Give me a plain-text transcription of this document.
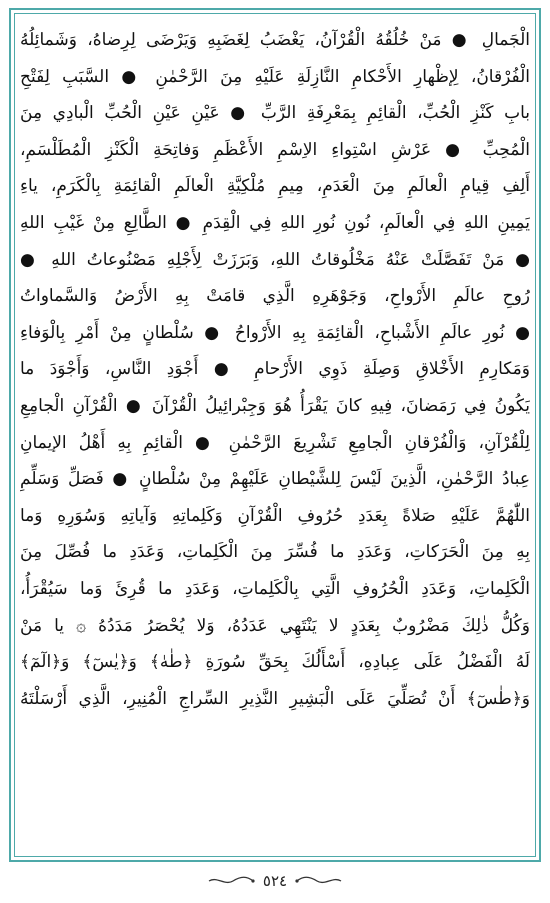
الْجَمالِ ● مَنْ خُلُقُهُ الْقُرْآنُ، يَغْضَبُ لِغَضَبِهِ وَيَرْضَى لِرِضاهُ، وَشَمائِلُهُ
الْفُرْقانُ، لِإظْهارِ الأَحْكامِ النَّازِلَةِ عَلَيْهِ مِنَ الرَّحْمٰنِ ● السَّبَبِ لِفَتْحِ
بابِ كَنْزِ الْحُبِّ، الْقائِمِ بِمَعْرِفَةِ الرَّبِّ ● عَيْنِ عَيْنِ الْحُبِّ الْبادِي مِنَ
الْمُحِبِّ ● عَرْشِ اسْتِواءِ الاِسْمِ الأَعْظَمِ وَفاتِحَةِ الْكَنْزِ الْمُطَلْسَمِ،
أَلِفِ قِيامِ الْعالَمِ مِنَ الْعَدَمِ، مِيمِ مُلْكِيَّةِ الْعالَمِ الْقائِمَةِ بِالْكَرَمِ، ياءِ
يَمِينِ اللهِ فِي الْعالَمِ، نُونِ نُورِ اللهِ فِي الْقِدَمِ ● الطَّالِعِ مِنْ غَيْبِ اللهِ
● مَنْ تَفَصَّلَتْ عَنْهُ مَخْلُوقاتُ اللهِ، وَبَرَزَتْ لِأَجْلِهِ مَصْنُوعاتُ اللهِ ●
رُوحِ عالَمِ الأَرْواحِ، وَجَوْهَرِهِ الَّذِي قامَتْ بِهِ الأَرْضُ وَالسَّماواتُ
● نُورِ عالَمِ الأَشْباحِ، الْقائِمَةِ بِهِ الأَرْواحُ ● سُلْطانٍ مِنْ أَمْرِ بِالْوَفاءِ
وَمَكارِمِ الأَخْلاقِ وَصِلَةِ ذَوِي الأَرْحامِ ● أَجْوَدِ النَّاسِ، وَأَجْوَدَ ما
يَكُونُ فِي رَمَضانَ، فِيهِ كانَ يَقْرَأُ هُوَ وَجِبْرائِيلُ الْقُرْآنَ ● الْقُرْآنِ الْجامِعِ
لِلْقُرْآنِ، وَالْفُرْقانِ الْجامِعِ تَشْرِيعَ الرَّحْمٰنِ ● الْقائِمِ بِهِ أَهْلُ الإيمانِ
عِبادُ الرَّحْمٰنِ، الَّذِينَ لَيْسَ لِلشَّيْطانِ عَلَيْهِمْ مِنْ سُلْطانٍ ● فَصَلِّ وَسَلِّمِ
اللّٰهُمَّ عَلَيْهِ صَلاةً بِعَدَدِ حُرُوفِ الْقُرْآنِ وَكَلِماتِهِ وَآياتِهِ وَسُوَرِهِ وَما
بِهِ مِنَ الْحَرَكاتِ، وَعَدَدِ ما فُسِّرَ مِنَ الْكَلِماتِ، وَعَدَدِ ما فُصِّلَ مِنَ
الْكَلِماتِ، وَعَدَدِ الْحُرُوفِ الَّتِي بِالْكَلِماتِ، وَعَدَدِ ما قُرِئَ وَما سَيُقْرَأُ،
وَكُلُّ ذٰلِكَ مَضْرُوبٌ بِعَدَدٍ لا يَنْتَهِي عَدَدُهُ، وَلا يُحْصَرُ مَدَدُهُ ۞ يا مَنْ
لَهُ الْفَضْلُ عَلَى عِبادِهِ، أَسْأَلُكَ بِحَقِّ سُورَةِ ﴿طٰهٰ﴾ وَ﴿يٰسٓ﴾ وَ﴿الٓمٓ﴾
وَ﴿طٰسٓ﴾ أَنْ تُصَلِّيَ عَلَى الْبَشِيرِ النَّذِيرِ السِّراجِ الْمُنِيرِ، الَّذِي أَرْسَلْتَهُ
٥٢٤
